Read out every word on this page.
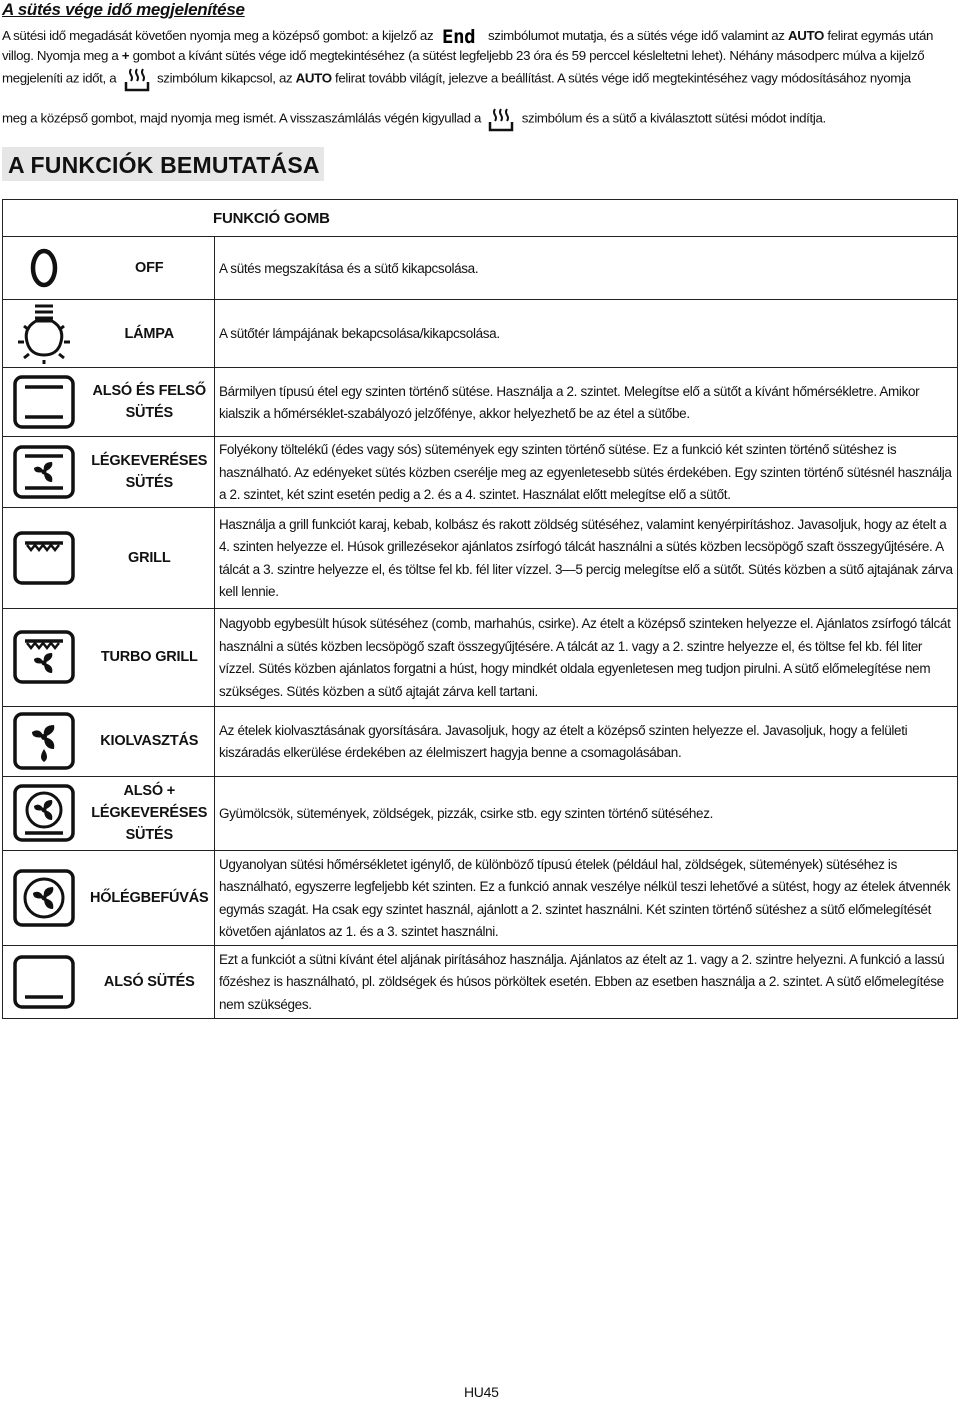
A sütés vége idő megjelenítése

A sütési idő megadását követően nyomja meg a középső gombot: a kijelző az End szimbólumot mutatja, és a sütés vége idő valamint az AUTO felirat egymás után villog. Nyomja meg a + gombot a kívánt sütés vége idő megtekintéséhez (a sütést legfeljebb 23 óra és 59 perccel késleltetni lehet). Néhány másodperc múlva a kijelző megjeleníti az időt, a	szimbólum kikapcsol, az AUTO felirat tovább világít, jelezve a beállítást. A sütés vége idő megtekintéséhez vagy módosításához nyomja

meg a középső gombot, majd nyomja meg ismét. A visszaszámlálás végén kigyullad a	szimbólum és a sütő a kiválasztott sütési módot indítja.

A FUNKCIÓK BEMUTATÁSA
FUNKCIÓ GOMB		

	OFF	A sütés megszakítása és a sütő kikapcsolása.

	LÁMPA	A sütőtér lámpájának bekapcsolása/kikapcsolása.

	ALSÓ ÉS FELSŐ SÜTÉS	Bármilyen típusú étel egy szinten történő sütése. Használja a 2. szintet. Melegítse elő a sütőt a kívánt hőmérsékletre. Amikor kialszik a hőmérséklet-szabályozó jelzőfénye, akkor helyezhető be az étel a sütőbe.

	LÉGKEVERÉSES SÜTÉS	Folyékony töltelékű (édes vagy sós) sütemények egy szinten történő sütése. Ez a funkció két szinten történő sütéshez is használható. Az edényeket sütés közben cserélje meg az egyenletesebb sütés érdekében. Egy szinten történő sütésnél használja a 2. szintet, két szint esetén pedig a 2. és a 4. szintet. Használat előtt melegítse elő a sütőt.

	GRILL	Használja a grill funkciót karaj, kebab, kolbász és rakott zöldség sütéséhez, valamint kenyérpirításhoz. Javasoljuk, hogy az ételt a 4. szinten helyezze el. Húsok grillezésekor ajánlatos zsírfogó tálcát használni a sütés közben lecsöpögő szaft összegyűjtésére. A tálcát a 3. szintre helyezze el, és töltse fel kb. fél liter vízzel. 3—5 percig melegítse elő a sütőt. Sütés közben a sütő ajtajának zárva kell lennie.

	TURBO GRILL	Nagyobb egybesült húsok sütéséhez (comb, marhahús, csirke). Az ételt a középső szinteken helyezze el. Ajánlatos zsírfogó tálcát használni a sütés közben lecsöpögő szaft összegyűjtésére. A tálcát az 1. vagy a 2. szintre helyezze el, és töltse fel kb. fél liter vízzel. Sütés közben ajánlatos forgatni a húst, hogy mindkét oldala egyenletesen meg tudjon pirulni. A sütő előmelegítése nem szükséges. Sütés közben a sütő ajtaját zárva kell tartani.

	KIOLVASZTÁS	Az ételek kiolvasztásának gyorsítására. Javasoljuk, hogy az ételt a középső szinten helyezze el. Javasoljuk, hogy a felületi kiszáradás elkerülése érdekében az élelmiszert hagyja benne a csomagolásában.

	ALSÓ + LÉGKEVERÉSES SÜTÉS	Gyümölcsök, sütemények, zöldségek, pizzák, csirke stb. egy szinten történő sütéséhez.

	HŐLÉGBEFÚVÁS	Ugyanolyan sütési hőmérsékletet igénylő, de különböző típusú ételek (például hal, zöldségek, sütemények) sütéséhez is használható, egyszerre legfeljebb két szinten. Ez a funkció annak veszélye nélkül teszi lehetővé a sütést, hogy az ételek átvennék egymás szagát. Ha csak egy szintet használ, ajánlott a 2. szintet használni. Két szinten történő sütéshez a sütő előmelegítését követően ajánlatos az 1. és a 3. szintet használni.

	ALSÓ SÜTÉS	Ezt a funkciót a sütni kívánt étel aljának pirításához használja. Ajánlatos az ételt az 1. vagy a 2. szintre helyezni. A funkció a lassú főzéshez is használható, pl. zöldségek és húsos pörköltek esetén. Ebben az esetben használja a 2. szintet. A sütő előmelegítése nem szükséges.
HU45
